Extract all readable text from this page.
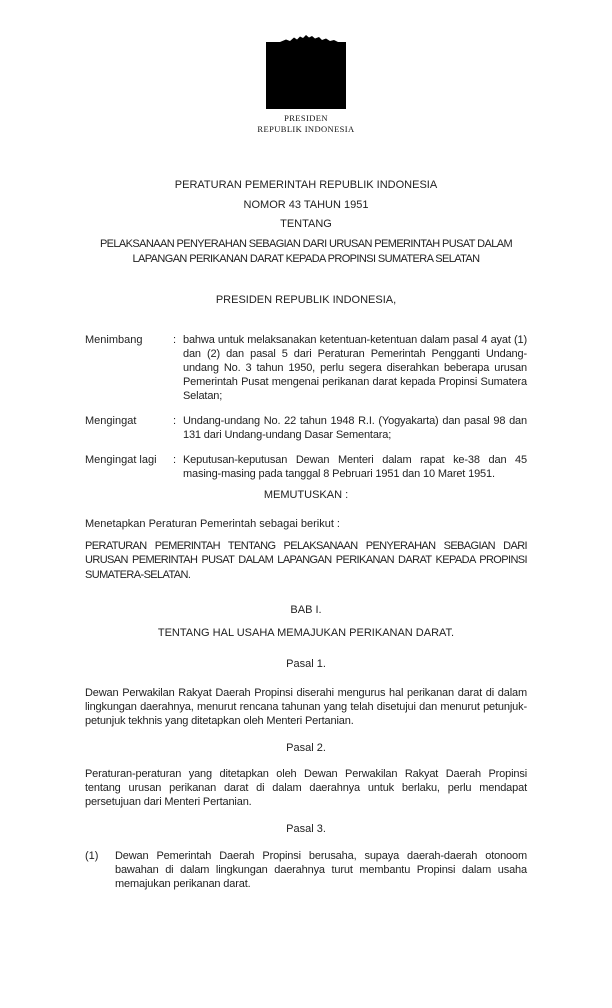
PRESIDEN
REPUBLIK INDONESIA
PERATURAN PEMERINTAH REPUBLIK INDONESIA
NOMOR 43 TAHUN 1951
TENTANG
PELAKSANAAN PENYERAHAN SEBAGIAN DARI URUSAN PEMERINTAH PUSAT DALAM LAPANGAN PERIKANAN DARAT KEPADA PROPINSI SUMATERA SELATAN
PRESIDEN REPUBLIK INDONESIA,
Menimbang	: bahwa untuk melaksanakan ketentuan-ketentuan dalam pasal 4 ayat (1) dan (2) dan pasal 5 dari Peraturan Pemerintah Pengganti Undang-undang No. 3 tahun 1950, perlu segera diserahkan beberapa urusan Pemerintah Pusat mengenai perikanan darat kepada Propinsi Sumatera Selatan;
Mengingat	: Undang-undang No. 22 tahun 1948 R.I. (Yogyakarta) dan pasal 98 dan 131 dari Undang-undang Dasar Sementara;
Mengingat lagi	: Keputusan-keputusan Dewan Menteri dalam rapat ke-38 dan 45 masing-masing pada tanggal 8 Pebruari 1951 dan 10 Maret 1951.
MEMUTUSKAN :
Menetapkan Peraturan Pemerintah sebagai berikut :
PERATURAN PEMERINTAH TENTANG PELAKSANAAN PENYERAHAN SEBAGIAN DARI URUSAN PEMERINTAH PUSAT DALAM LAPANGAN PERIKANAN DARAT KEPADA PROPINSI SUMATERA-SELATAN.
BAB I.
TENTANG HAL USAHA MEMAJUKAN PERIKANAN DARAT.
Pasal 1.
Dewan Perwakilan Rakyat Daerah Propinsi diserahi mengurus hal perikanan darat di dalam lingkungan daerahnya, menurut rencana tahunan yang telah disetujui dan menurut petunjuk-petunjuk tekhnis yang ditetapkan oleh Menteri Pertanian.
Pasal 2.
Peraturan-peraturan yang ditetapkan oleh Dewan Perwakilan Rakyat Daerah Propinsi tentang urusan perikanan darat di dalam daerahnya untuk berlaku, perlu mendapat persetujuan dari Menteri Pertanian.
Pasal 3.
(1)	Dewan Pemerintah Daerah Propinsi berusaha, supaya daerah-daerah otonoom bawahan di dalam lingkungan daerahnya turut membantu Propinsi dalam usaha memajukan perikanan darat.
